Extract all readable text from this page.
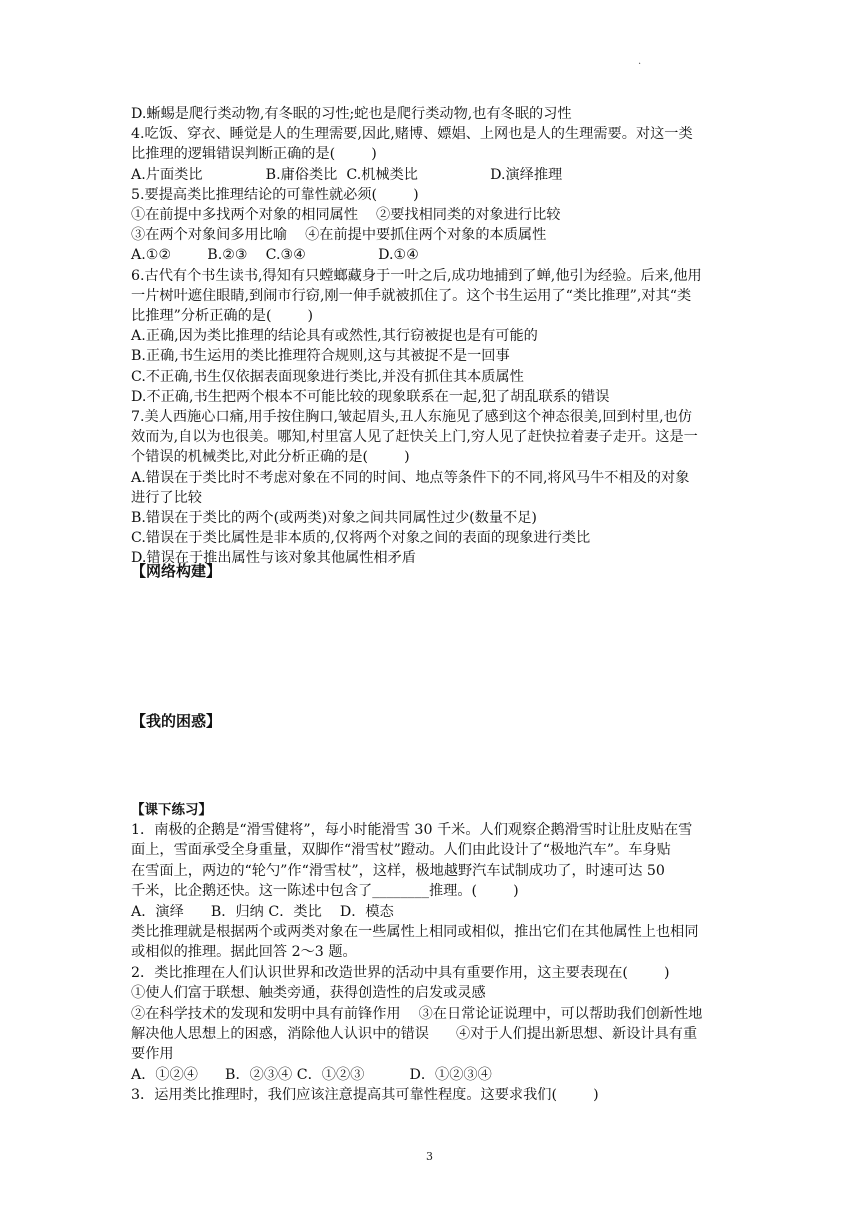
.
D.蜥蜴是爬行类动物,有冬眠的习性;蛇也是爬行类动物,也有冬眠的习性
4.吃饭、穿衣、睡觉是人的生理需要,因此,赌博、嫖娼、上网也是人的生理需要。对这一类
比推理的逻辑错误判断正确的是(        )
A.片面类比              B.庸俗类比  C.机械类比                D.演绎推理
5.要提高类比推理结论的可靠性就必须(        )
①在前提中多找两个对象的相同属性    ②要找相同类的对象进行比较
③在两个对象间多用比喻    ④在前提中要抓住两个对象的本质属性
A.①②        B.②③    C.③④                D.①④
6.古代有个书生读书,得知有只螳螂藏身于一叶之后,成功地捕到了蝉,他引为经验。后来,他用
一片树叶遮住眼睛,到闹市行窃,刚一伸手就被抓住了。这个书生运用了“类比推理”,对其“类
比推理”分析正确的是(        )
A.正确,因为类比推理的结论具有或然性,其行窃被捉也是有可能的
B.正确,书生运用的类比推理符合规则,这与其被捉不是一回事
C.不正确,书生仅依据表面现象进行类比,并没有抓住其本质属性
D.不正确,书生把两个根本不可能比较的现象联系在一起,犯了胡乱联系的错误
7.美人西施心口痛,用手按住胸口,皱起眉头,丑人东施见了感到这个神态很美,回到村里,也仿
效而为,自以为也很美。哪知,村里富人见了赶快关上门,穷人见了赶快拉着妻子走开。这是一
个错误的机械类比,对此分析正确的是(        )
A.错误在于类比时不考虑对象在不同的时间、地点等条件下的不同,将风马牛不相及的对象
进行了比较
B.错误在于类比的两个(或两类)对象之间共同属性过少(数量不足)
C.错误在于类比属性是非本质的,仅将两个对象之间的表面的现象进行类比
D.错误在于推出属性与该对象其他属性相矛盾
【网络构建】
【我的困惑】
【课下练习】
1．南极的企鹅是“滑雪健将”，每小时能滑雪 30 千米。人们观察企鹅滑雪时让肚皮贴在雪
面上，雪面承受全身重量，双脚作“滑雪杖”蹬动。人们由此设计了“极地汽车”。车身贴
在雪面上，两边的“轮勺”作“滑雪杖”，这样，极地越野汽车试制成功了，时速可达 50
千米，比企鹅还快。这一陈述中包含了________推理。(        )
A．演绎      B．归纳 C．类比    D．模态
类比推理就是根据两个或两类对象在一些属性上相同或相似，推出它们在其他属性上也相同
或相似的推理。据此回答 2～3 题。
2．类比推理在人们认识世界和改造世界的活动中具有重要作用，这主要表现在(        )
①使人们富于联想、触类旁通，获得创造性的启发或灵感
②在科学技术的发现和发明中具有前锋作用    ③在日常论证说理中，可以帮助我们创新性地
解决他人思想上的困惑，消除他人认识中的错误      ④对于人们提出新思想、新设计具有重
要作用
A．①②④      B．②③④ C．①②③          D．①②③④
3．运用类比推理时，我们应该注意提高其可靠性程度。这要求我们(        )
3
